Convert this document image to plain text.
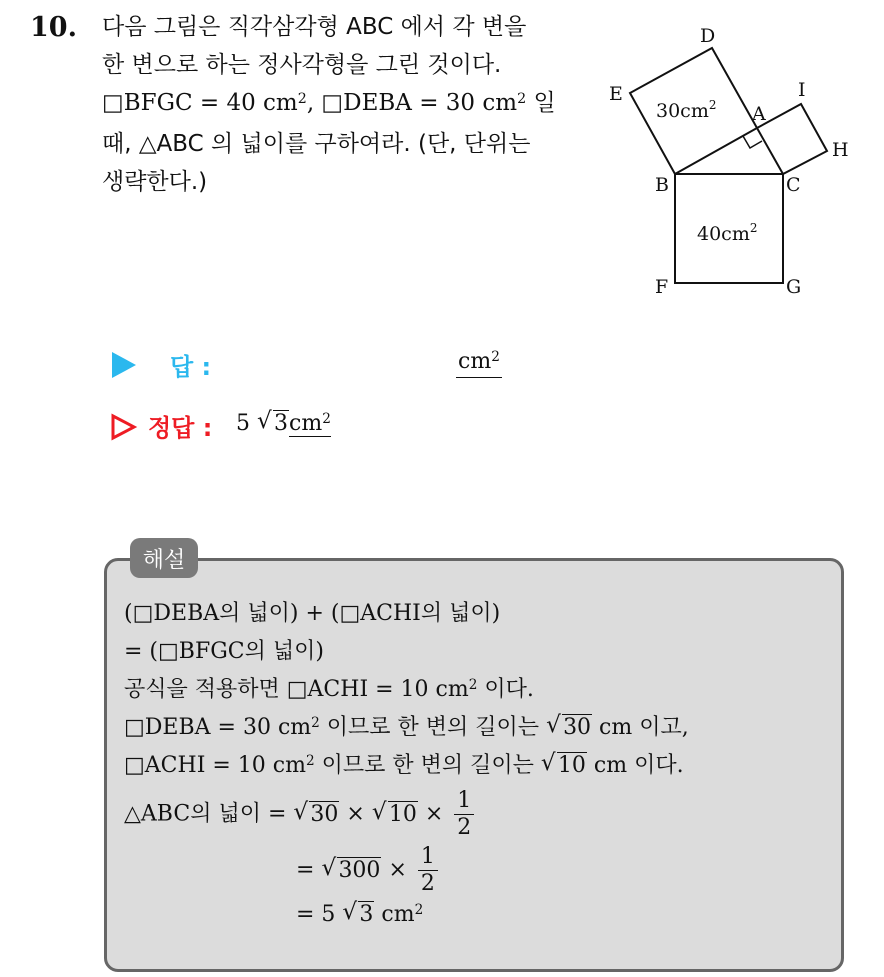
10. 다음 그림은 직각삼각형 ABC 에서 각 변을
한 변으로 하는 정사각형을 그린 것이다.
□BFGC = 40 $cm^2$, □DEBA = 30 $cm^2$ 일
때, △ABC 의 넓이를 구하여라. (단, 단위는
생략한다.)
D
E
A
I
H
B	C
F	G
$30cm^2$
$40cm^2$
답 :	$cm^2$
정답 : 5 √ $3cm^2$
해설
(□DEBA의 넓이) + (□ACHI의 넓이)
= (□BFGC의 넓이)
공식을 적용하면 □ACHI = 10 $cm^2$ 이다.
□DEBA = 30 $cm^2$ 이므로 한 변의 길이는 √ 30 cm 이고,
□ACHI = 10 $cm^2$ 이므로 한 변의 길이는 √ 10 cm 이다.
△ABC의 넓이 = √ 30 × √ $10 \times \frac{1}{2}$
= √ $300 \times \frac{1}{2}$
= 5 √ 3 $cm^2$
